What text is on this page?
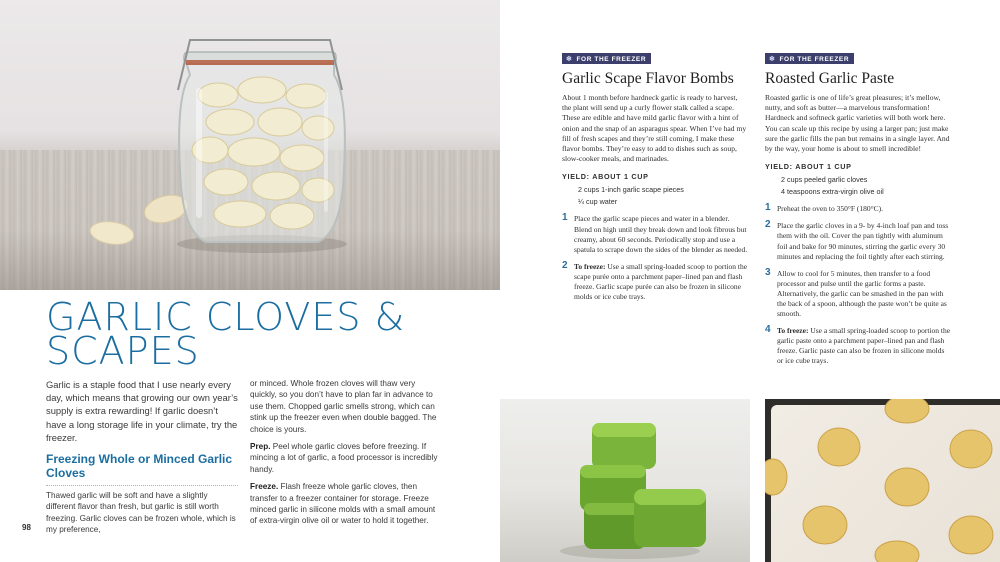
GARLIC CLOVES & SCAPES

Garlic is a staple food that I use nearly every day, which means that growing our own year’s supply is extra rewarding! If garlic doesn’t have a long storage life in your climate, try the freezer.

Freezing Whole or Minced Garlic Cloves

Thawed garlic will be soft and have a slightly different flavor than fresh, but garlic is still worth freezing. Garlic cloves can be frozen whole, which is my preference,

or minced. Whole frozen cloves will thaw very quickly, so you don’t have to plan far in advance to use them. Chopped garlic smells strong, which can stink up the freezer even when double bagged. The choice is yours.

Prep. Peel whole garlic cloves before freezing. If mincing a lot of garlic, a food processor is incredibly handy.

Freeze. Flash freeze whole garlic cloves, then transfer to a freezer container for storage. Freeze minced garlic in silicone molds with a small amount of extra-virgin olive oil or water to hold it together.

98
❄ FOR THE FREEZER
Garlic Scape Flavor Bombs

About 1 month before hardneck garlic is ready to harvest, the plant will send up a curly flower stalk called a scape. These are edible and have mild garlic flavor with a hint of onion and the snap of an asparagus spear. When I’ve had my fill of fresh scapes and they’re still coming, I make these flavor bombs. They’re easy to add to dishes such as soup, slow-cooker meals, and marinades.

YIELD: ABOUT 1 CUP
2 cups 1-inch garlic scape pieces
¼ cup water
1 Place the garlic scape pieces and water in a blender. Blend on high until they break down and look fibrous but creamy, about 60 seconds. Periodically stop and use a spatula to scrape down the sides of the blender as needed.
2 To freeze: Use a small spring-loaded scoop to portion the scape purée onto a parchment paper–lined pan and flash freeze. Garlic scape purée can also be frozen in silicone molds or ice cube trays.
❄ FOR THE FREEZER
Roasted Garlic Paste

Roasted garlic is one of life’s great pleasures; it’s mellow, nutty, and soft as butter—a marvelous transformation! Hardneck and softneck garlic varieties will both work here. You can scale up this recipe by using a larger pan; just make sure the garlic fills the pan but remains in a single layer. And by the way, your home is about to smell incredible!

YIELD: ABOUT 1 CUP
2 cups peeled garlic cloves
4 teaspoons extra-virgin olive oil
1 Preheat the oven to 350°F (180°C).
2 Place the garlic cloves in a 9- by 4-inch loaf pan and toss them with the oil. Cover the pan tightly with aluminum foil and bake for 90 minutes, stirring the garlic every 30 minutes and replacing the foil tightly after each stirring.
3 Allow to cool for 5 minutes, then transfer to a food processor and pulse until the garlic forms a paste. Alternatively, the garlic can be smashed in the pan with the back of a spoon, although the paste won’t be quite as smooth.
4 To freeze: Use a small spring-loaded scoop to portion the garlic paste onto a parchment paper–lined pan and flash freeze. Garlic paste can also be frozen in silicone molds or ice cube trays.
